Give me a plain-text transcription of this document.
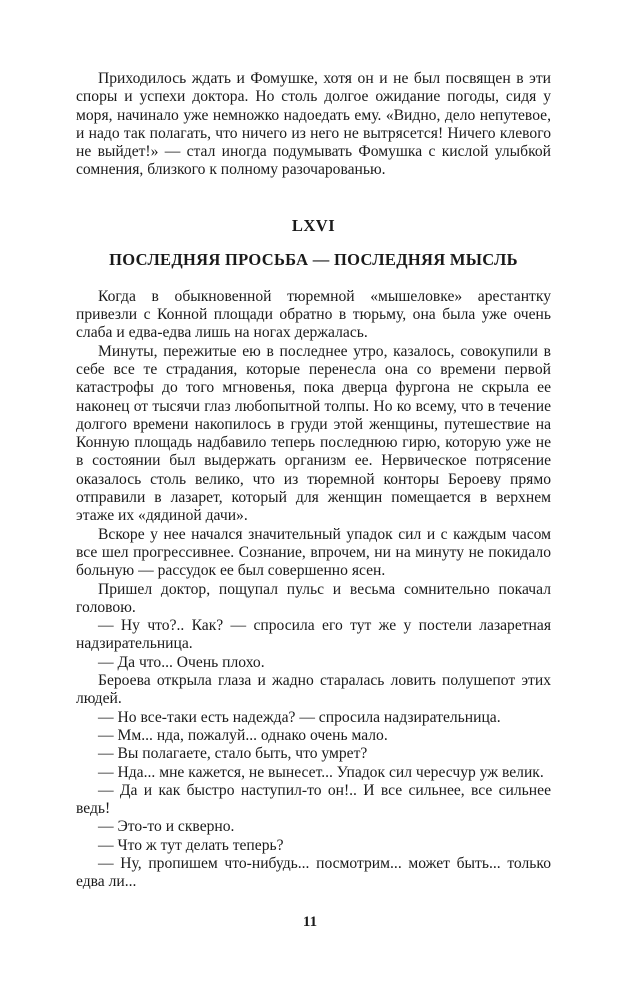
Приходилось ждать и Фомушке, хотя он и не был посвящен в эти споры и успехи доктора. Но столь долгое ожидание погоды, сидя у моря, начинало уже немножко надоедать ему. «Видно, дело непутевое, и надо так полагать, что ничего из него не вытрясется! Ничего клевого не выйдет!» — стал иногда подумывать Фомушка с кислой улыбкой сомнения, близкого к полному разочарованью.

LXVI
ПОСЛЕДНЯЯ ПРОСЬБА — ПОСЛЕДНЯЯ МЫСЛЬ

Когда в обыкновенной тюремной «мышеловке» арестантку привезли с Конной площади обратно в тюрьму, она была уже очень слаба и едва-едва лишь на ногах держалась.

Минуты, пережитые ею в последнее утро, казалось, совокупили в себе все те страдания, которые перенесла она со времени первой катастрофы до того мгновенья, пока дверца фургона не скрыла ее наконец от тысячи глаз любопытной толпы. Но ко всему, что в течение долгого времени накопилось в груди этой женщины, путешествие на Конную площадь надбавило теперь последнюю гирю, которую уже не в состоянии был выдержать организм ее. Нервическое потрясение оказалось столь велико, что из тюремной конторы Бероеву прямо отправили в лазарет, который для женщин помещается в верхнем этаже их «дядиной дачи».

Вскоре у нее начался значительный упадок сил и с каждым часом все шел прогрессивнее. Сознание, впрочем, ни на минуту не покидало больную — рассудок ее был совершенно ясен.

Пришел доктор, пощупал пульс и весьма сомнительно покачал головою.

— Ну что?.. Как? — спросила его тут же у постели лазаретная надзирательница.

— Да что... Очень плохо.

Бероева открыла глаза и жадно старалась ловить полушепот этих людей.

— Но все-таки есть надежда? — спросила надзирательница.

— Мм... нда, пожалуй... однако очень мало.

— Вы полагаете, стало быть, что умрет?

— Нда... мне кажется, не вынесет... Упадок сил чересчур уж велик.

— Да и как быстро наступил-то он!.. И все сильнее, все сильнее ведь!

— Это-то и скверно.

— Что ж тут делать теперь?

— Ну, пропишем что-нибудь... посмотрим... может быть... только едва ли...

11
